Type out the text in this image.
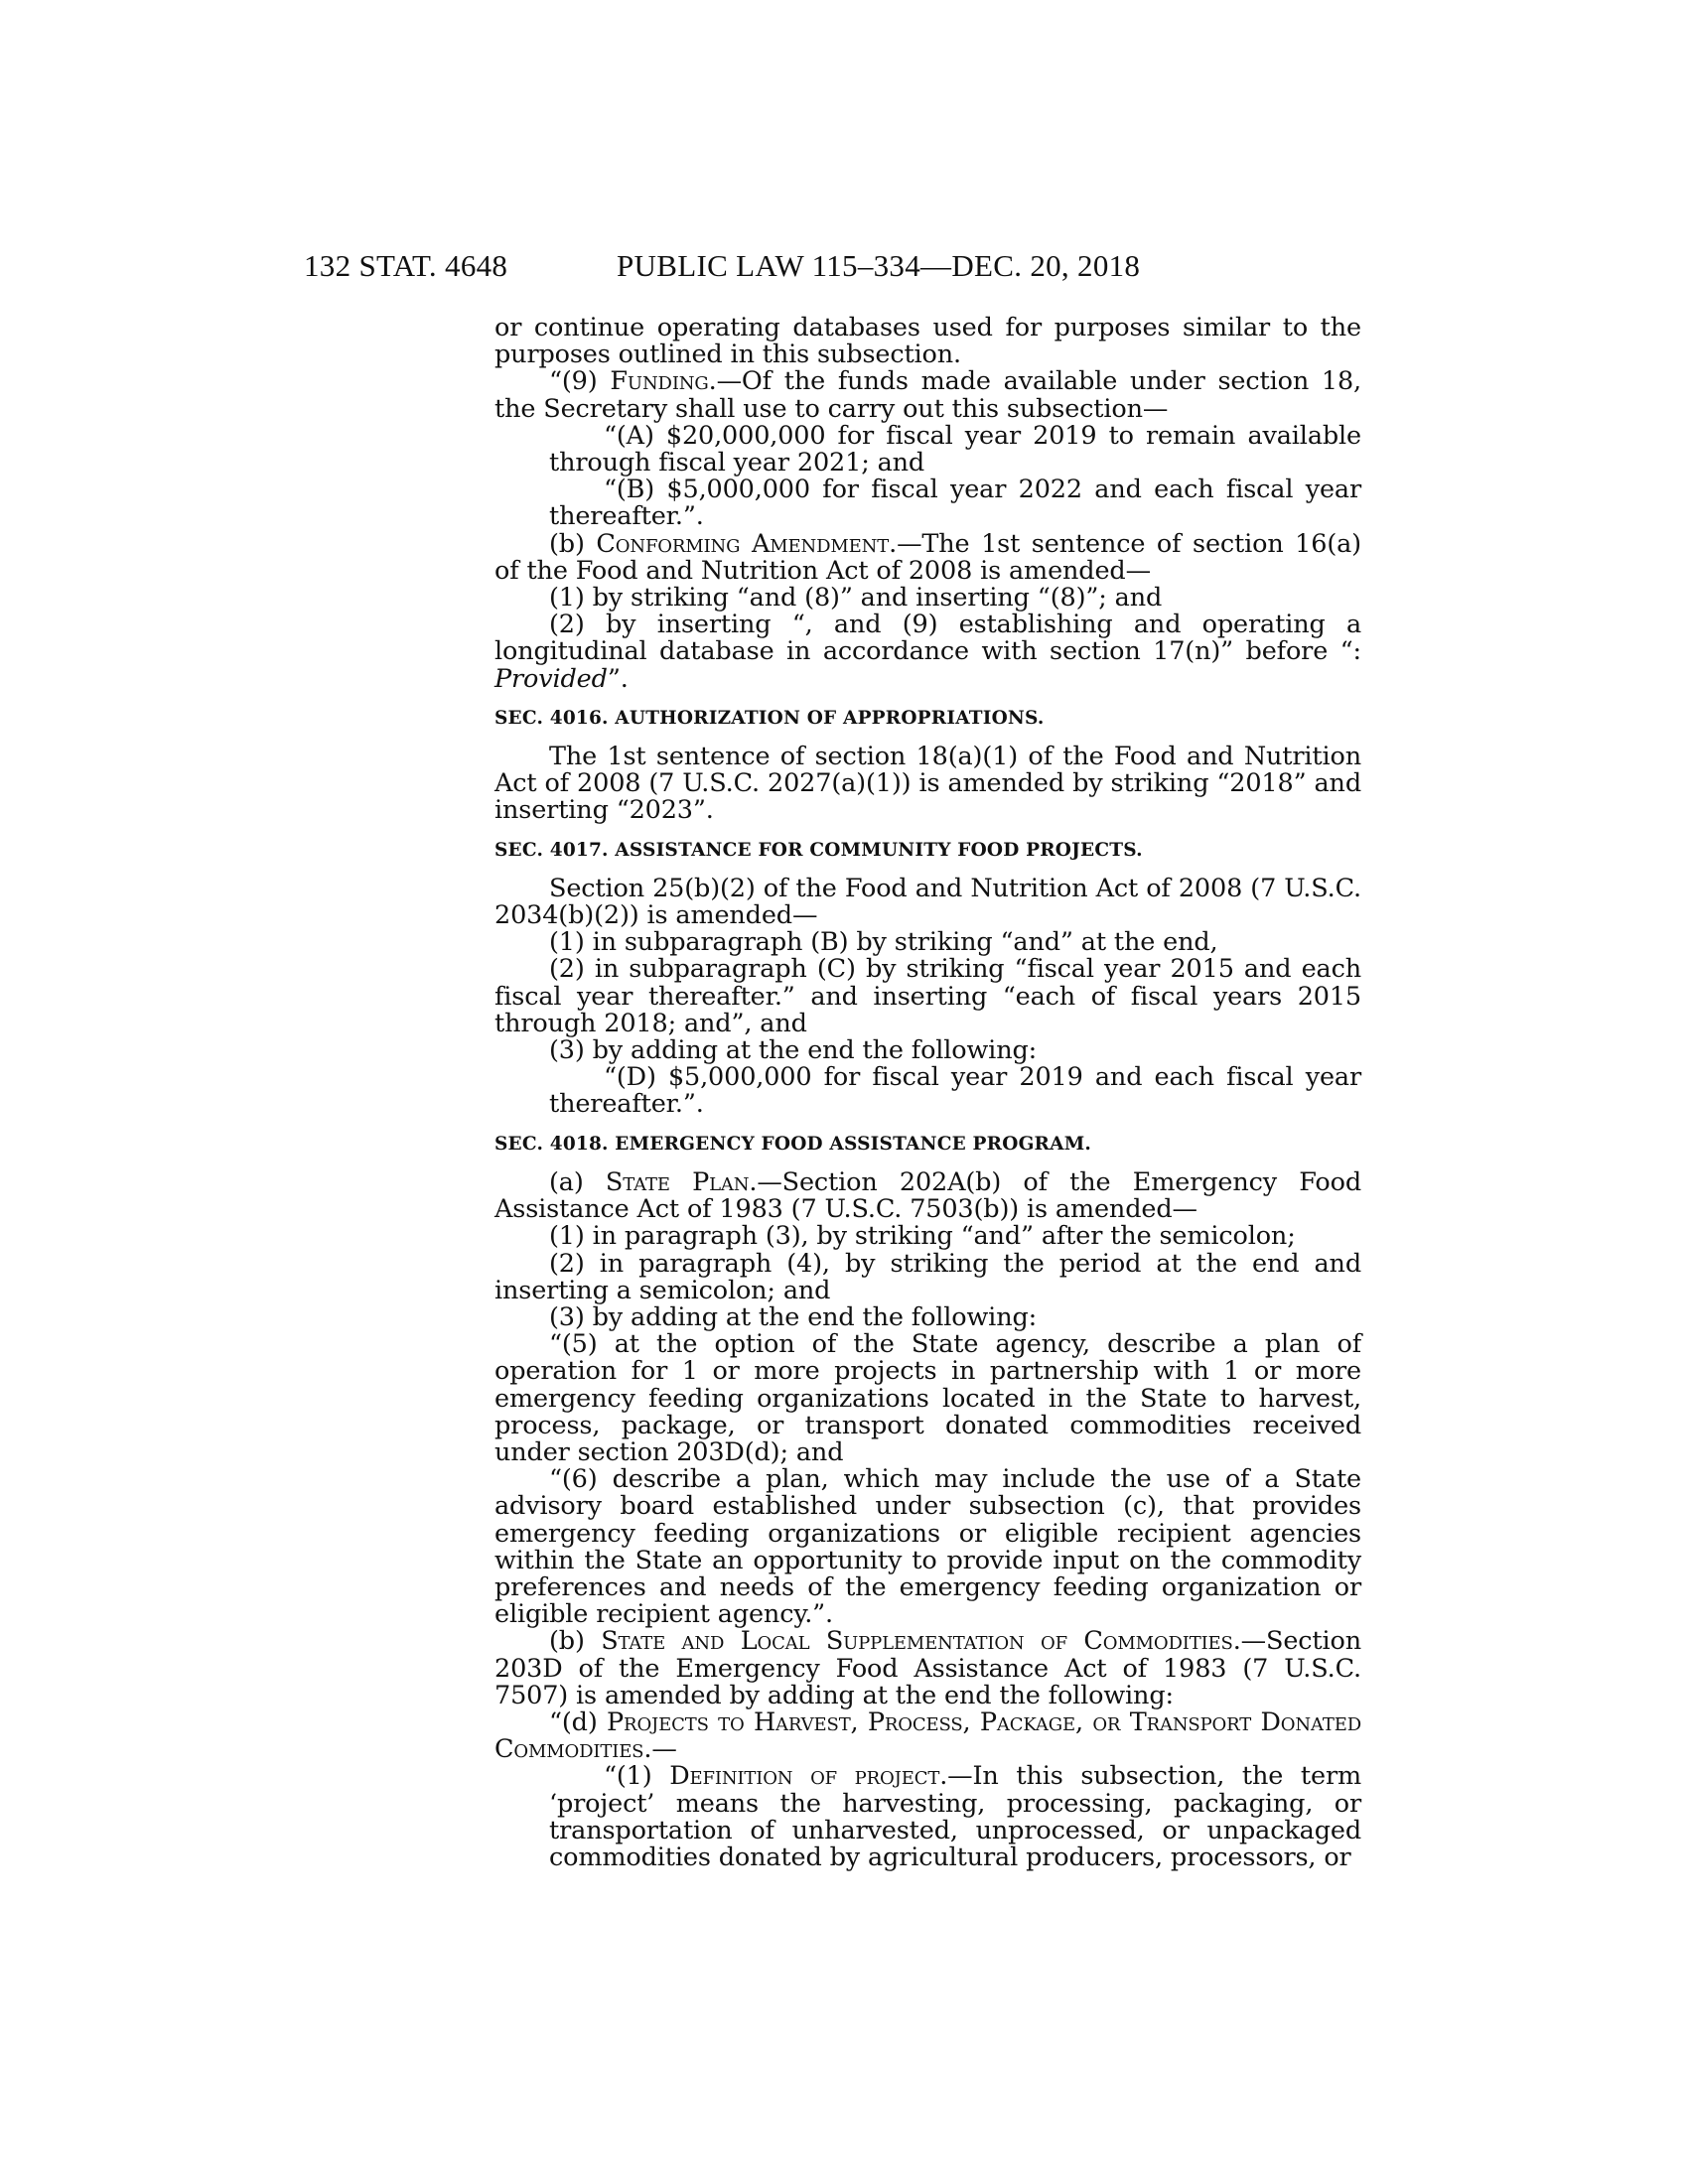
132 STAT. 4648	PUBLIC LAW 115–334—DEC. 20, 2018

or continue operating databases used for purposes similar to the purposes outlined in this subsection.

“(9) Funding.—Of the funds made available under section 18, the Secretary shall use to carry out this subsection—

“(A) $20,000,000 for fiscal year 2019 to remain available through fiscal year 2021; and

“(B) $5,000,000 for fiscal year 2022 and each fiscal year thereafter.”.

(b) Conforming Amendment.—The 1st sentence of section 16(a) of the Food and Nutrition Act of 2008 is amended—

(1) by striking “and (8)” and inserting “(8)”; and

(2) by inserting “, and (9) establishing and operating a longitudinal database in accordance with section 17(n)” before “: Provided”.

SEC. 4016. AUTHORIZATION OF APPROPRIATIONS.

The 1st sentence of section 18(a)(1) of the Food and Nutrition Act of 2008 (7 U.S.C. 2027(a)(1)) is amended by striking “2018” and inserting “2023”.

SEC. 4017. ASSISTANCE FOR COMMUNITY FOOD PROJECTS.

Section 25(b)(2) of the Food and Nutrition Act of 2008 (7 U.S.C. 2034(b)(2)) is amended—

(1) in subparagraph (B) by striking “and” at the end,

(2) in subparagraph (C) by striking “fiscal year 2015 and each fiscal year thereafter.” and inserting “each of fiscal years 2015 through 2018; and”, and

(3) by adding at the end the following:

“(D) $5,000,000 for fiscal year 2019 and each fiscal year thereafter.”.

SEC. 4018. EMERGENCY FOOD ASSISTANCE PROGRAM.

(a) State Plan.—Section 202A(b) of the Emergency Food Assistance Act of 1983 (7 U.S.C. 7503(b)) is amended—

(1) in paragraph (3), by striking “and” after the semicolon;

(2) in paragraph (4), by striking the period at the end and inserting a semicolon; and

(3) by adding at the end the following:

“(5) at the option of the State agency, describe a plan of operation for 1 or more projects in partnership with 1 or more emergency feeding organizations located in the State to harvest, process, package, or transport donated commodities received under section 203D(d); and

“(6) describe a plan, which may include the use of a State advisory board established under subsection (c), that provides emergency feeding organizations or eligible recipient agencies within the State an opportunity to provide input on the commodity preferences and needs of the emergency feeding organization or eligible recipient agency.”.

(b) State and Local Supplementation of Commodities.—Section 203D of the Emergency Food Assistance Act of 1983 (7 U.S.C. 7507) is amended by adding at the end the following:

“(d) Projects to Harvest, Process, Package, or Transport Donated Commodities.—

“(1) Definition of project.—In this subsection, the term ‘project’ means the harvesting, processing, packaging, or transportation of unharvested, unprocessed, or unpackaged commodities donated by agricultural producers, processors, or
